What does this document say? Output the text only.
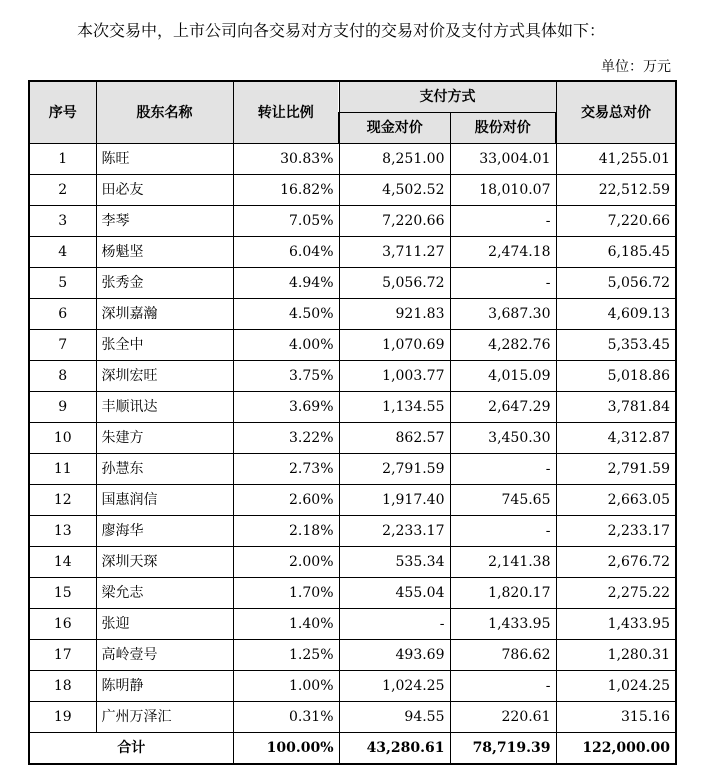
本次交易中，上市公司向各交易对方支付的交易对价及支付方式具体如下：
单位：万元
序号	股东名称	转让比例	支付方式		交易总对价
			现金对价	股份对价	
1	陈旺	30.83%	8,251.00	33,004.01	41,255.01
2	田必友	16.82%	4,502.52	18,010.07	22,512.59
3	李琴	7.05%	7,220.66	-	7,220.66
4	杨魁坚	6.04%	3,711.27	2,474.18	6,185.45
5	张秀金	4.94%	5,056.72	-	5,056.72
6	深圳嘉瀚	4.50%	921.83	3,687.30	4,609.13
7	张全中	4.00%	1,070.69	4,282.76	5,353.45
8	深圳宏旺	3.75%	1,003.77	4,015.09	5,018.86
9	丰顺讯达	3.69%	1,134.55	2,647.29	3,781.84
10	朱建方	3.22%	862.57	3,450.30	4,312.87
11	孙慧东	2.73%	2,791.59	-	2,791.59
12	国惠润信	2.60%	1,917.40	745.65	2,663.05
13	廖海华	2.18%	2,233.17	-	2,233.17
14	深圳天琛	2.00%	535.34	2,141.38	2,676.72
15	梁允志	1.70%	455.04	1,820.17	2,275.22
16	张迎	1.40%	-	1,433.95	1,433.95
17	高岭壹号	1.25%	493.69	786.62	1,280.31
18	陈明静	1.00%	1,024.25	-	1,024.25
19	广州万泽汇	0.31%	94.55	220.61	315.16
合计		100.00%	43,280.61	78,719.39	122,000.00
